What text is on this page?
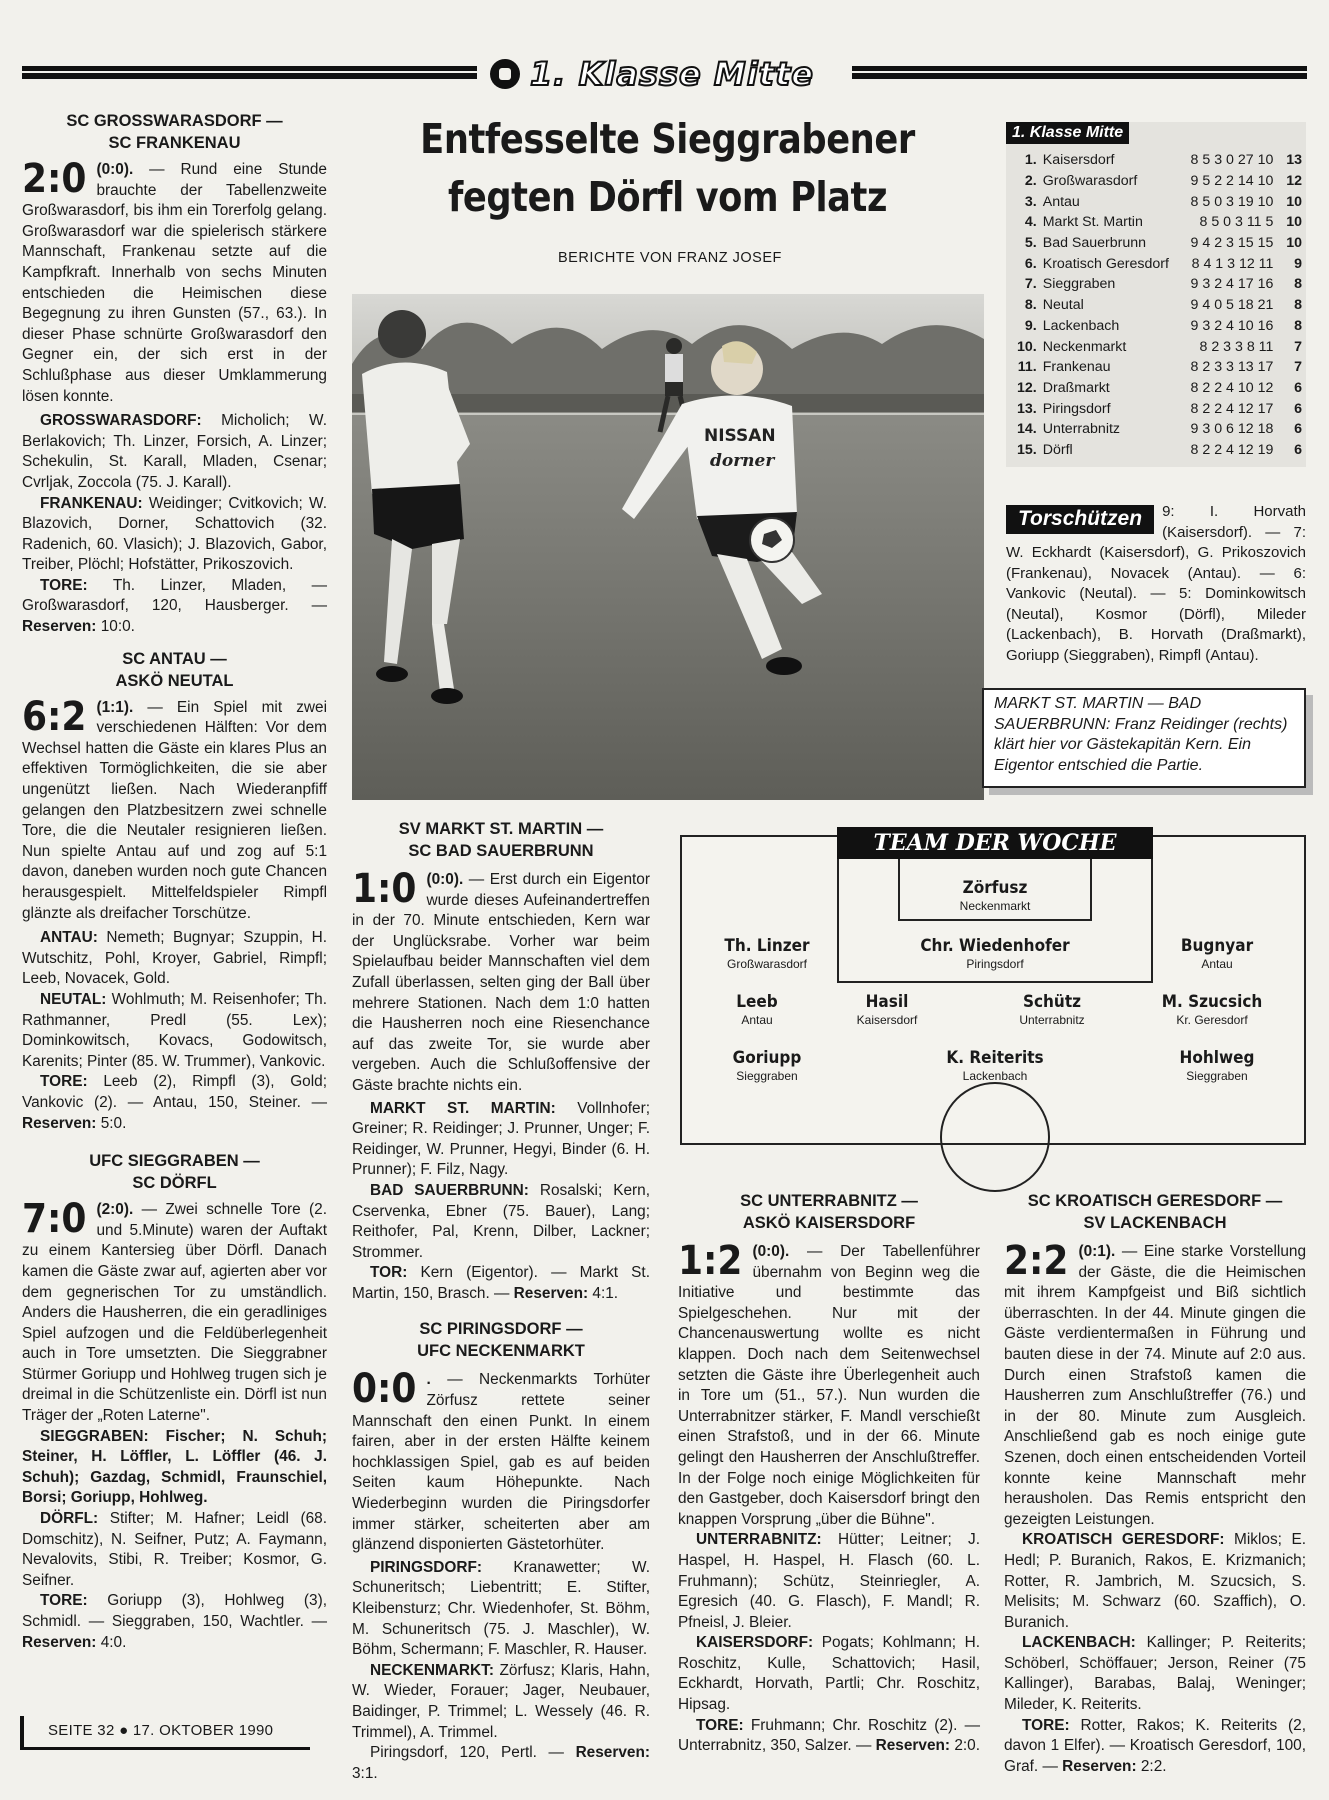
1. Klasse Mitte
SC GROSSWARASDORF —
SC FRANKENAU

2:0 (0:0). — Rund eine Stunde brauchte der Tabellenzweite Großwarasdorf, bis ihm ein Torerfolg gelang. Großwarasdorf war die spielerisch stärkere Mannschaft, Frankenau setzte auf die Kampfkraft. Innerhalb von sechs Minuten entschieden die Heimischen diese Begegnung zu ihren Gunsten (57., 63.). In dieser Phase schnürte Großwarasdorf den Gegner ein, der sich erst in der Schlußphase aus dieser Umklammerung lösen konnte.

GROSSWARASDORF: Micholich; W. Berlakovich; Th. Linzer, Forsich, A. Linzer; Schekulin, St. Karall, Mladen, Csenar; Cvrljak, Zoccola (75. J. Karall).

FRANKENAU: Weidinger; Cvitkovich; W. Blazovich, Dorner, Schattovich (32. Radenich, 60. Vlasich); J. Blazovich, Gabor, Treiber, Plöchl; Hofstätter, Prikoszovich.

TORE: Th. Linzer, Mladen, — Großwarasdorf, 120, Hausberger. — Reserven: 10:0.

SC ANTAU —
ASKÖ NEUTAL

6:2 (1:1). — Ein Spiel mit zwei verschiedenen Hälften: Vor dem Wechsel hatten die Gäste ein klares Plus an effektiven Tormöglichkeiten, die sie aber ungenützt ließen. Nach Wiederanpfiff gelangen den Platzbesitzern zwei schnelle Tore, die die Neutaler resignieren ließen. Nun spielte Antau auf und zog auf 5:1 davon, daneben wurden noch gute Chancen herausgespielt. Mittelfeldspieler Rimpfl glänzte als dreifacher Torschütze.

ANTAU: Nemeth; Bugnyar; Szuppin, H. Wutschitz, Pohl, Kroyer, Gabriel, Rimpfl; Leeb, Novacek, Gold.

NEUTAL: Wohlmuth; M. Reisenhofer; Th. Rathmanner, Predl (55. Lex); Dominkowitsch, Kovacs, Godowitsch, Karenits; Pinter (85. W. Trummer), Vankovic.

TORE: Leeb (2), Rimpfl (3), Gold; Vankovic (2). — Antau, 150, Steiner. — Reserven: 5:0.

UFC SIEGGRABEN —
SC DÖRFL

7:0 (2:0). — Zwei schnelle Tore (2. und 5.Minute) waren der Auftakt zu einem Kantersieg über Dörfl. Danach kamen die Gäste zwar auf, agierten aber vor dem gegnerischen Tor zu umständlich. Anders die Hausherren, die ein geradliniges Spiel aufzogen und die Feldüberlegenheit auch in Tore umsetzten. Die Sieggrabner Stürmer Goriupp und Hohlweg trugen sich je dreimal in die Schützenliste ein. Dörfl ist nun Träger der „Roten Laterne".

SIEGGRABEN: Fischer; N. Schuh; Steiner, H. Löffler, L. Löffler (46. J. Schuh); Gazdag, Schmidl, Fraunschiel, Borsi; Goriupp, Hohlweg.

DÖRFL: Stifter; M. Hafner; Leidl (68. Domschitz), N. Seifner, Putz; A. Faymann, Nevalovits, Stibi, R. Treiber; Kosmor, G. Seifner.

TORE: Goriupp (3), Hohlweg (3), Schmidl. — Sieggraben, 150, Wachtler. — Reserven: 4:0.

SEITE 32 ● 17. OKTOBER 1990
Entfesselte Sieggrabener
fegten Dörfl vom Platz
BERICHTE VON FRANZ JOSEF
NISSAN
dorner
MARKT ST. MARTIN — BAD SAUERBRUNN: Franz Reidinger (rechts) klärt hier vor Gästekapitän Kern. Ein Eigentor entschied die Partie.
1. Klasse Mitte
1.	Kaisersdorf	8 5 3 0 27 10	13
2.	Großwarasdorf	9 5 2 2 14 10	12
3.	Antau	8 5 0 3 19 10	10
4.	Markt St. Martin	8 5 0 3 11 5	10
5.	Bad Sauerbrunn	9 4 2 3 15 15	10
6.	Kroatisch Geresdorf	8 4 1 3 12 11	9
7.	Sieggraben	9 3 2 4 17 16	8
8.	Neutal	9 4 0 5 18 21	8
9.	Lackenbach	9 3 2 4 10 16	8
10.	Neckenmarkt	8 2 3 3 8 11	7
11.	Frankenau	8 2 3 3 13 17	7
12.	Draßmarkt	8 2 2 4 10 12	6
13.	Piringsdorf	8 2 2 4 12 17	6
14.	Unterrabnitz	9 3 0 6 12 18	6
15.	Dörfl	8 2 2 4 12 19	6
Torschützen	9: I. Horvath (Kaisersdorf). — 7: W. Eckhardt (Kaisersdorf), G. Prikoszovich (Frankenau), Novacek (Antau). — 6: Vankovic (Neutal). — 5: Dominkowitsch (Neutal), Kosmor (Dörfl), Mileder (Lackenbach), B. Horvath (Draßmarkt), Goriupp (Sieggraben), Rimpfl (Antau).
SV MARKT ST. MARTIN —
SC BAD SAUERBRUNN

1:0 (0:0). — Erst durch ein Eigentor wurde dieses Aufeinandertreffen in der 70. Minute entschieden, Kern war der Unglücksrabe. Vorher war beim Spielaufbau beider Mannschaften viel dem Zufall überlassen, selten ging der Ball über mehrere Stationen. Nach dem 1:0 hatten die Hausherren noch eine Riesenchance auf das zweite Tor, sie wurde aber vergeben. Auch die Schlußoffensive der Gäste brachte nichts ein.

MARKT ST. MARTIN: Vollnhofer; Greiner; R. Reidinger; J. Prunner, Unger; F. Reidinger, W. Prunner, Hegyi, Binder (6. H. Prunner); F. Filz, Nagy.

BAD SAUERBRUNN: Rosalski; Kern, Cservenka, Ebner (75. Bauer), Lang; Reithofer, Pal, Krenn, Dilber, Lackner; Strommer.

TOR: Kern (Eigentor). — Markt St. Martin, 150, Brasch. — Reserven: 4:1.

SC PIRINGSDORF —
UFC NECKENMARKT

0:0 . — Neckenmarkts Torhüter Zörfusz rettete seiner Mannschaft den einen Punkt. In einem fairen, aber in der ersten Hälfte keinem hochklassigen Spiel, gab es auf beiden Seiten kaum Höhepunkte. Nach Wiederbeginn wurden die Piringsdorfer immer stärker, scheiterten aber am glänzend disponierten Gästetorhüter.

PIRINGSDORF: Kranawetter; W. Schuneritsch; Liebentritt; E. Stifter, Kleibensturz; Chr. Wiedenhofer, St. Böhm, M. Schuneritsch (75. J. Maschler), W. Böhm, Schermann; F. Maschler, R. Hauser.

NECKENMARKT: Zörfusz; Klaris, Hahn, W. Wieder, Forauer; Jager, Neubauer, Baidinger, P. Trimmel; L. Wessely (46. R. Trimmel), A. Trimmel.

Piringsdorf, 120, Pertl. — Reserven: 3:1.

TEAM DER WOCHE
Zörfusz
Neckenmarkt
Th. Linzer
Großwarasdorf
Chr. Wiedenhofer
Piringsdorf
Bugnyar
Antau
Leeb
Antau
Hasil
Kaisersdorf
Schütz
Unterrabnitz
M. Szucsich
Kr. Geresdorf
Goriupp
Sieggraben
K. Reiterits
Lackenbach
Hohlweg
Sieggraben
SC UNTERRABNITZ —
ASKÖ KAISERSDORF

1:2 (0:0). — Der Tabellenführer übernahm von Beginn weg die Initiative und bestimmte das Spielgeschehen. Nur mit der Chancenauswertung wollte es nicht klappen. Doch nach dem Seitenwechsel setzten die Gäste ihre Überlegenheit auch in Tore um (51., 57.). Nun wurden die Unterrabnitzer stärker, F. Mandl verschießt einen Strafstoß, und in der 66. Minute gelingt den Hausherren der Anschlußtreffer. In der Folge noch einige Möglichkeiten für den Gastgeber, doch Kaisersdorf bringt den knappen Vorsprung „über die Bühne".

UNTERRABNITZ: Hütter; Leitner; J. Haspel, H. Haspel, H. Flasch (60. L. Fruhmann); Schütz, Steinriegler, A. Egresich (40. G. Flasch), F. Mandl; R. Pfneisl, J. Bleier.

KAISERSDORF: Pogats; Kohlmann; H. Roschitz, Kulle, Schattovich; Hasil, Eckhardt, Horvath, Partli; Chr. Roschitz, Hipsag.

TORE: Fruhmann; Chr. Roschitz (2). — Unterrabnitz, 350, Salzer. — Reserven: 2:0.

SC KROATISCH GERESDORF —
SV LACKENBACH

2:2 (0:1). — Eine starke Vorstellung der Gäste, die die Heimischen mit ihrem Kampfgeist und Biß sichtlich überraschten. In der 44. Minute gingen die Gäste verdientermaßen in Führung und bauten diese in der 74. Minute auf 2:0 aus. Durch einen Strafstoß kamen die Hausherren zum Anschlußtreffer (76.) und in der 80. Minute zum Ausgleich. Anschließend gab es noch einige gute Szenen, doch einen entscheidenden Vorteil konnte keine Mannschaft mehr herausholen. Das Remis entspricht den gezeigten Leistungen.

KROATISCH GERESDORF: Miklos; E. Hedl; P. Buranich, Rakos, E. Krizmanich; Rotter, R. Jambrich, M. Szucsich, S. Melisits; M. Schwarz (60. Szaffich), O. Buranich.

LACKENBACH: Kallinger; P. Reiterits; Schöberl, Schöffauer; Jerson, Reiner (75 Kallinger), Barabas, Balaj, Weninger; Mileder, K. Reiterits.

TORE: Rotter, Rakos; K. Reiterits (2, davon 1 Elfer). — Kroatisch Geresdorf, 100, Graf. — Reserven: 2:2.
